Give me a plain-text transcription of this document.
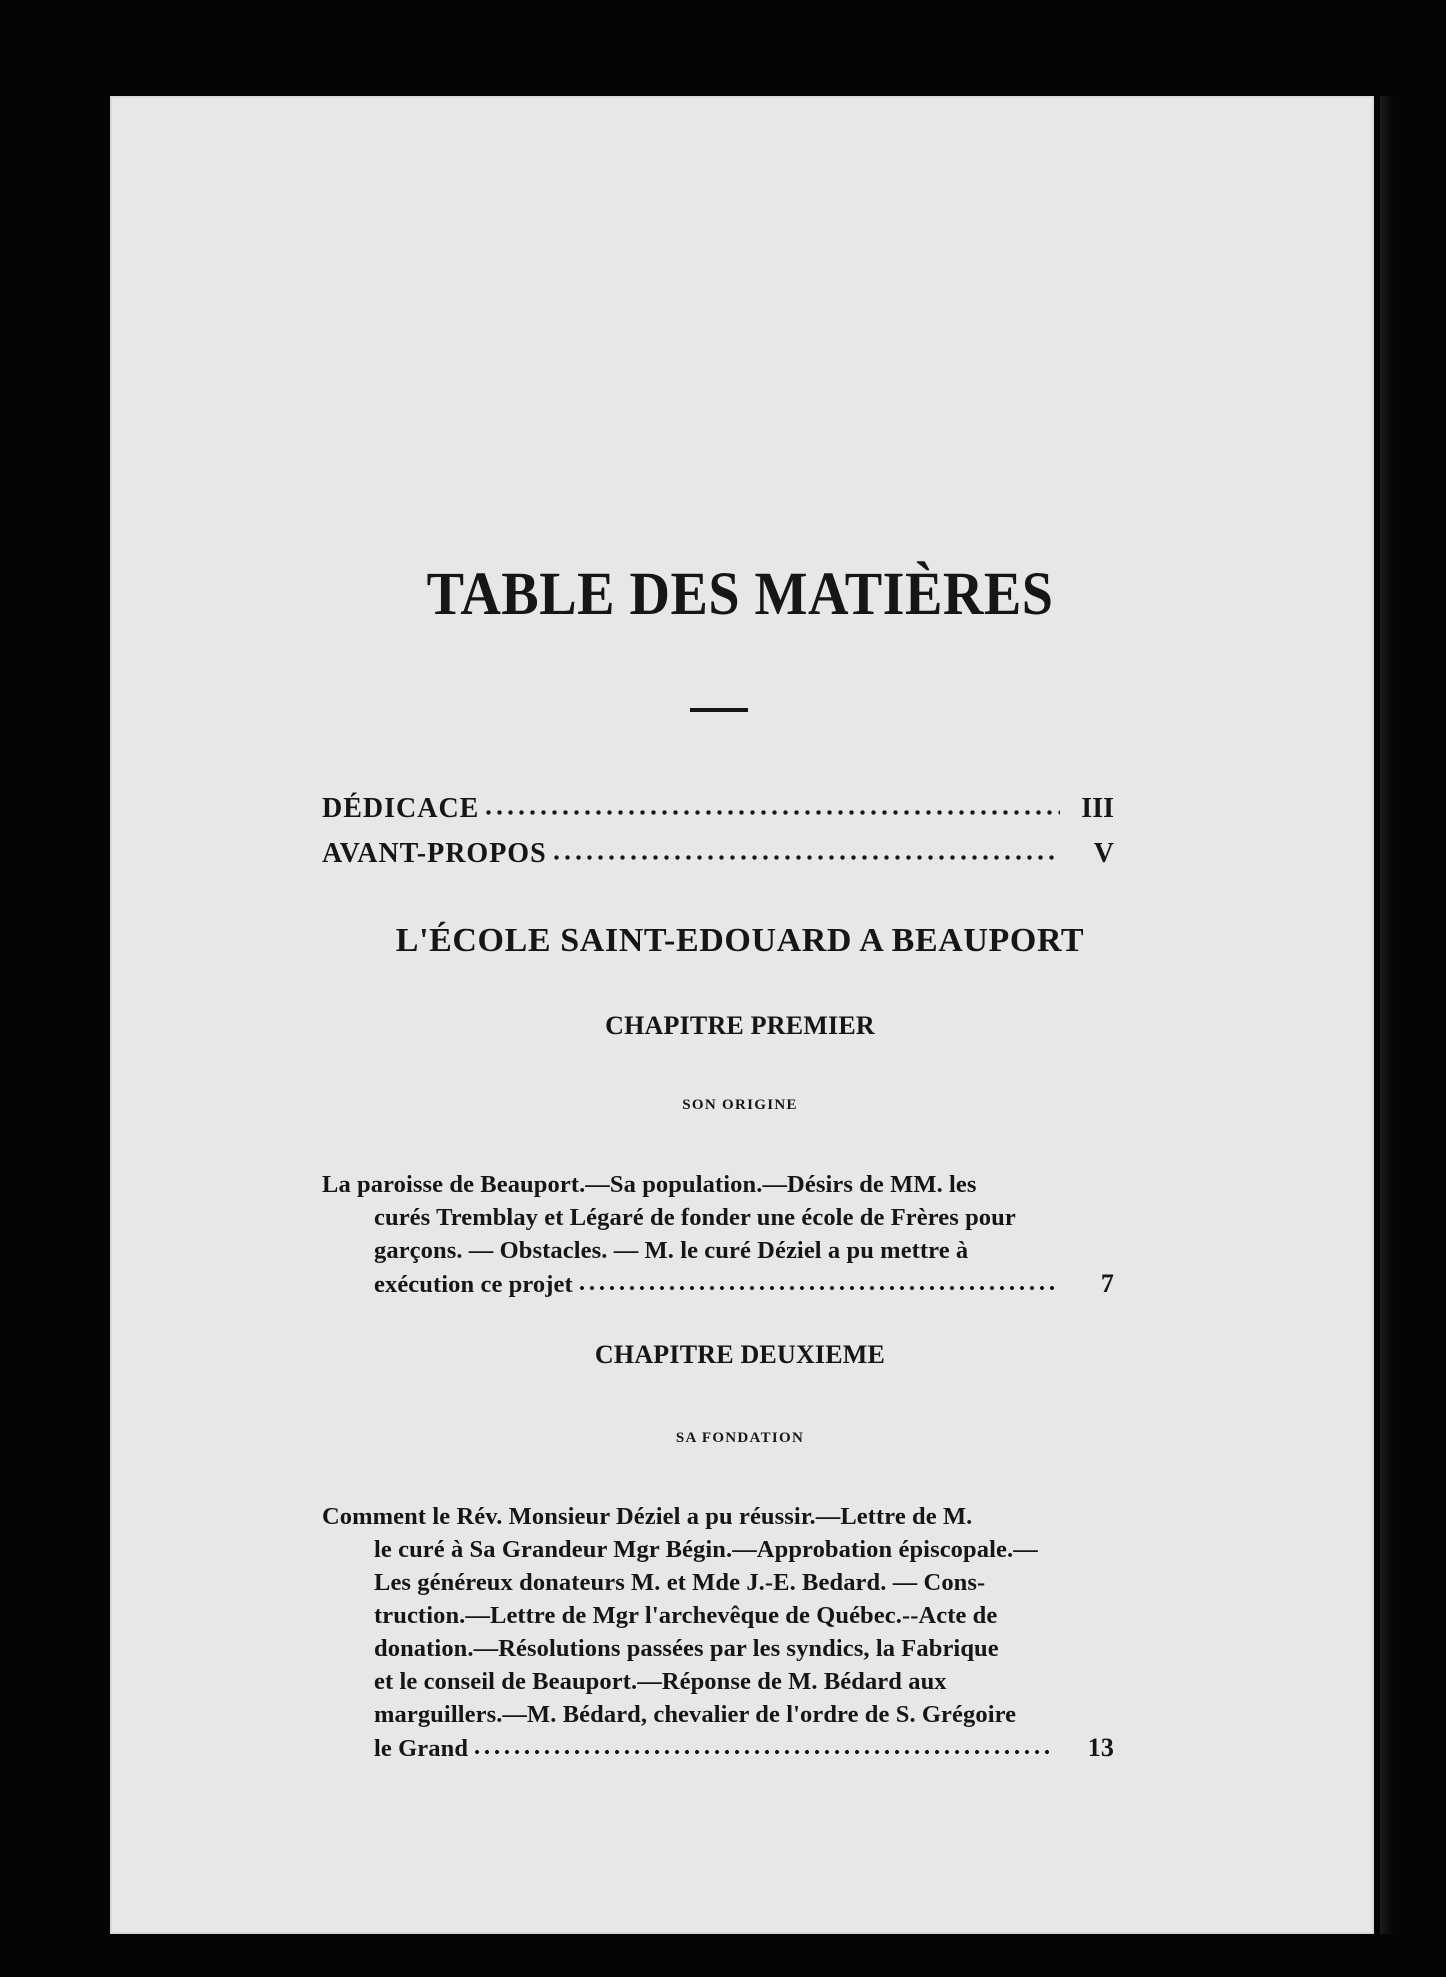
TABLE DES MATIÈRES
DÉDICACE	III
AVANT-PROPOS	V
L'ÉCOLE SAINT-EDOUARD A BEAUPORT
CHAPITRE PREMIER
SON ORIGINE
La paroisse de Beauport.—Sa population.—Désirs de MM. les
curés Tremblay et Légaré de fonder une école de Frères pour
garçons. — Obstacles. — M. le curé Déziel a pu mettre à
exécution ce projet	7
CHAPITRE DEUXIEME
SA FONDATION
Comment le Rév. Monsieur Déziel a pu réussir.—Lettre de M.
le curé à Sa Grandeur Mgr Bégin.—Approbation épiscopale.—
Les généreux donateurs M. et Mde J.-E. Bedard. — Cons-
truction.—Lettre de Mgr l'archevêque de Québec.--Acte de
donation.—Résolutions passées par les syndics, la Fabrique
et le conseil de Beauport.—Réponse de M. Bédard aux
marguillers.—M. Bédard, chevalier de l'ordre de S. Grégoire
le Grand	13
